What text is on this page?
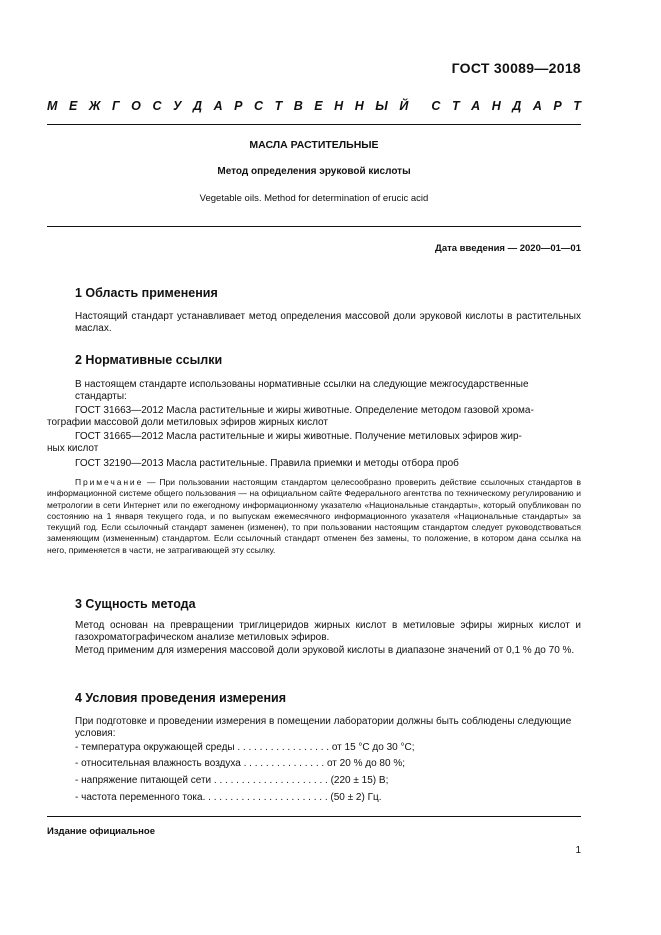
ГОСТ 30089—2018
М Е Ж Г О С У Д А Р С Т В Е Н Н Ы Й С Т А Н Д А Р Т
МАСЛА РАСТИТЕЛЬНЫЕ
Метод определения эруковой кислоты
Vegetable oils. Method for determination of erucic acid
Дата введения — 2020—01—01
1 Область применения
Настоящий стандарт устанавливает метод определения массовой доли эруковой кислоты в растительных маслах.
2 Нормативные ссылки
В настоящем стандарте использованы нормативные ссылки на следующие межгосударственные стандарты:
ГОСТ 31663—2012 Масла растительные и жиры животные. Определение методом газовой хрома-
тографии массовой доли метиловых эфиров жирных кислот
ГОСТ 31665—2012 Масла растительные и жиры животные. Получение метиловых эфиров жир-
ных кислот
ГОСТ 32190—2013 Масла растительные. Правила приемки и методы отбора проб
Примечание — При пользовании настоящим стандартом целесообразно проверить действие ссылочных стандартов в информационной системе общего пользования — на официальном сайте Федерального агентства по техническому регулированию и метрологии в сети Интернет или по ежегодному информационному указателю «Национальные стандарты», который опубликован по состоянию на 1 января текущего года, и по выпускам ежемесячного информационного указателя «Национальные стандарты» за текущий год. Если ссылочный стандарт заменен (изменен), то при пользовании настоящим стандартом следует руководствоваться заменяющим (измененным) стандартом. Если ссылочный стандарт отменен без замены, то положение, в котором дана ссылка на него, применяется в части, не затрагивающей эту ссылку.
3 Сущность метода
Метод основан на превращении триглицеридов жирных кислот в метиловые эфиры жирных кислот и газохроматографическом анализе метиловых эфиров.
Метод применим для измерения массовой доли эруковой кислоты в диапазоне значений от 0,1 % до 70 %.
4 Условия проведения измерения
При подготовке и проведении измерения в помещении лаборатории должны быть соблюдены следующие условия:
- температура окружающей среды . . . . . . . . . . . . . . . . . от 15 °С до 30 °С;
- относительная влажность воздуха . . . . . . . . . . . . . . . от 20 % до 80 %;
- напряжение питающей сети . . . . . . . . . . . . . . . . . . . . . (220 ± 15) В;
- частота переменного тока. . . . . . . . . . . . . . . . . . . . . . . (50 ± 2) Гц.
Издание официальное
1
